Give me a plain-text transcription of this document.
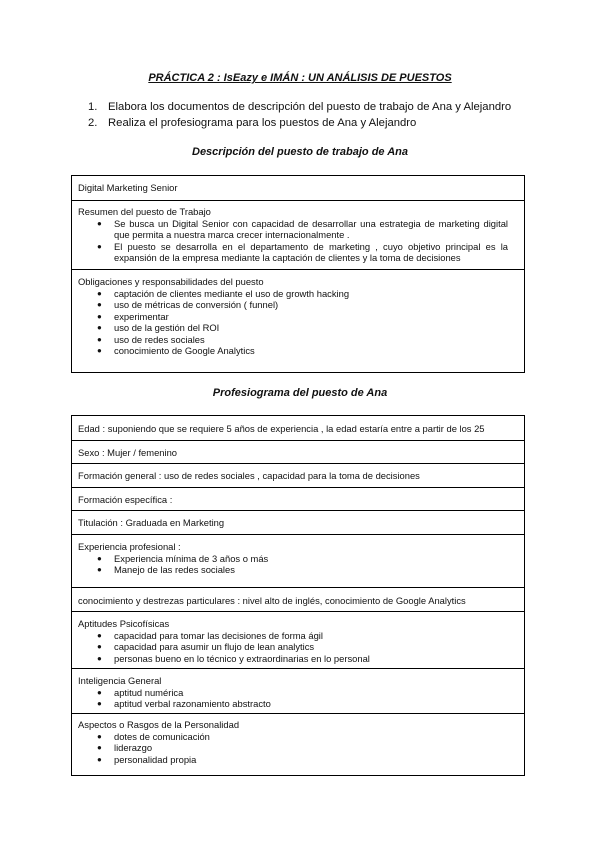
PRÁCTICA 2 : IsEazy e IMÁN : UN ANÁLISIS DE PUESTOS
1. Elabora los documentos de descripción del puesto de trabajo de Ana y Alejandro
2. Realiza el profesiograma para los puestos de Ana y Alejandro
Descripción del puesto de trabajo de Ana
Digital Marketing Senior
Resumen del puesto de Trabajo
● Se busca un Digital Senior con capacidad de desarrollar una estrategia de marketing digital que permita a nuestra marca crecer internacionalmente .
● El puesto se desarrolla en el departamento de marketing , cuyo objetivo principal es la expansión de la empresa mediante la captación de clientes y la toma de decisiones
Obligaciones y responsabilidades del puesto
● captación de clientes mediante el uso de growth hacking
● uso de métricas de conversión ( funnel)
● experimentar
● uso de la gestión del ROI
● uso de redes sociales
● conocimiento de Google Analytics
Profesiograma del puesto de Ana
Edad : suponiendo que se requiere 5 años de experiencia , la edad estaría entre a partir de los 25
Sexo : Mujer / femenino
Formación general : uso de redes sociales , capacidad para la toma de decisiones
Formación específica :
Titulación : Graduada en Marketing
Experiencia profesional :
● Experiencia mínima de 3 años o más
● Manejo de las redes sociales
conocimiento y destrezas particulares : nivel alto de inglés, conocimiento de Google Analytics
Aptitudes Psicofísicas
● capacidad para tomar las decisiones de forma ágil
● capacidad para asumir un flujo de lean analytics
● personas bueno en lo técnico y extraordinarias en lo personal
Inteligencia General
● aptitud numérica
● aptitud verbal razonamiento abstracto
Aspectos o Rasgos de la Personalidad
● dotes de comunicación
● liderazgo
● personalidad propia
